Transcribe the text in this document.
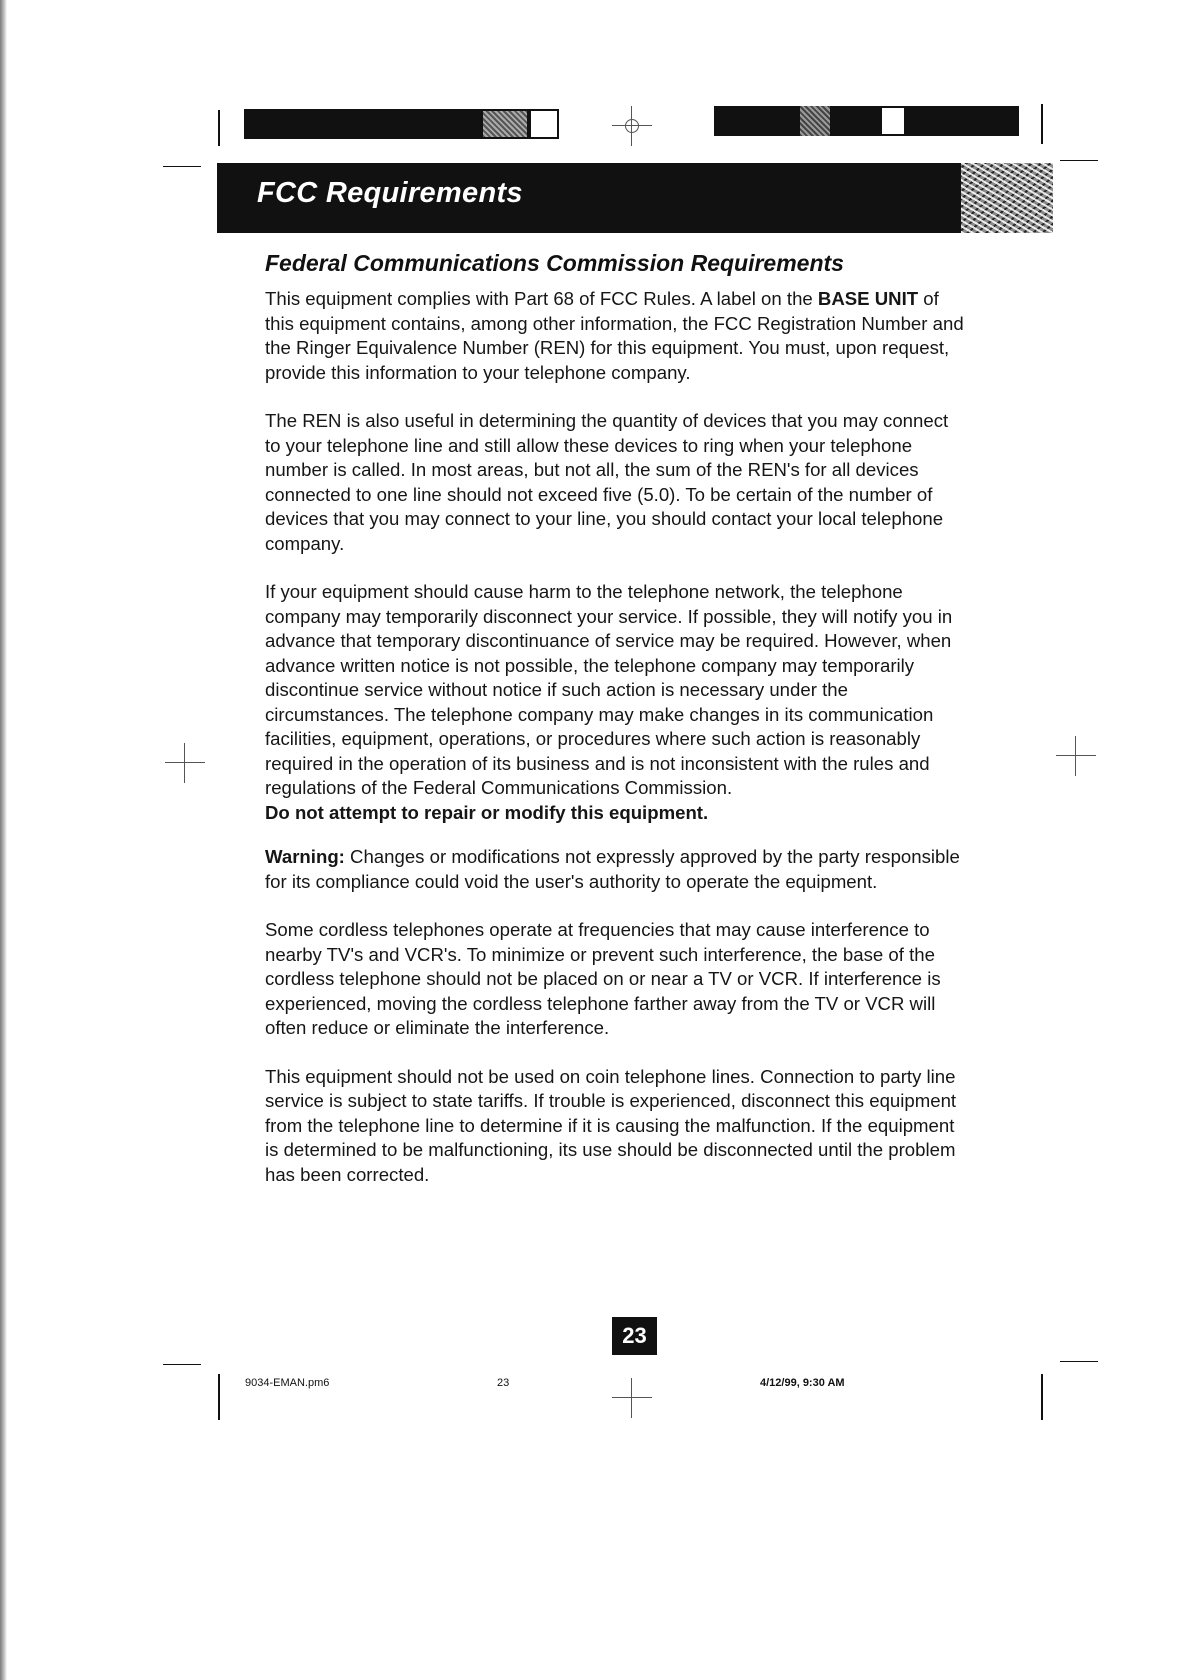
FCC Requirements
Federal Communications Commission Requirements

This equipment complies with Part 68 of FCC Rules. A label on the BASE UNIT of this equipment contains, among other information, the FCC Registration Number and the Ringer Equivalence Number (REN) for this equipment. You must, upon request, provide this information to your telephone company.

The REN is also useful in determining the quantity of devices that you may connect to your telephone line and still allow these devices to ring when your telephone number is called. In most areas, but not all, the sum of the REN's for all devices connected to one line should not exceed five (5.0). To be certain of the number of devices that you may connect to your line, you should contact your local telephone company.

If your equipment should cause harm to the telephone network, the telephone company may temporarily disconnect your service. If possible, they will notify you in advance that temporary discontinuance of service may be required. However, when advance written notice is not possible, the telephone company may temporarily discontinue service without notice if such action is necessary under the circumstances. The telephone company may make changes in its communication facilities, equipment, operations, or procedures where such action is reasonably required in the operation of its business and is not inconsistent with the rules and regulations of the Federal Communications Commission.
Do not attempt to repair or modify this equipment.

Warning: Changes or modifications not expressly approved by the party responsible for its compliance could void the user's authority to operate the equipment.

Some cordless telephones operate at frequencies that may cause interference to nearby TV's and VCR's. To minimize or prevent such interference, the base of the cordless telephone should not be placed on or near a TV or VCR. If interference is experienced, moving the cordless telephone farther away from the TV or VCR will often reduce or eliminate the interference.

This equipment should not be used on coin telephone lines. Connection to party line service is subject to state tariffs. If trouble is experienced, disconnect this equipment from the telephone line to determine if it is causing the malfunction. If the equipment is determined to be malfunctioning, its use should be disconnected until the problem has been corrected.

23
9034-EMAN.pm6	23	4/12/99, 9:30 AM
